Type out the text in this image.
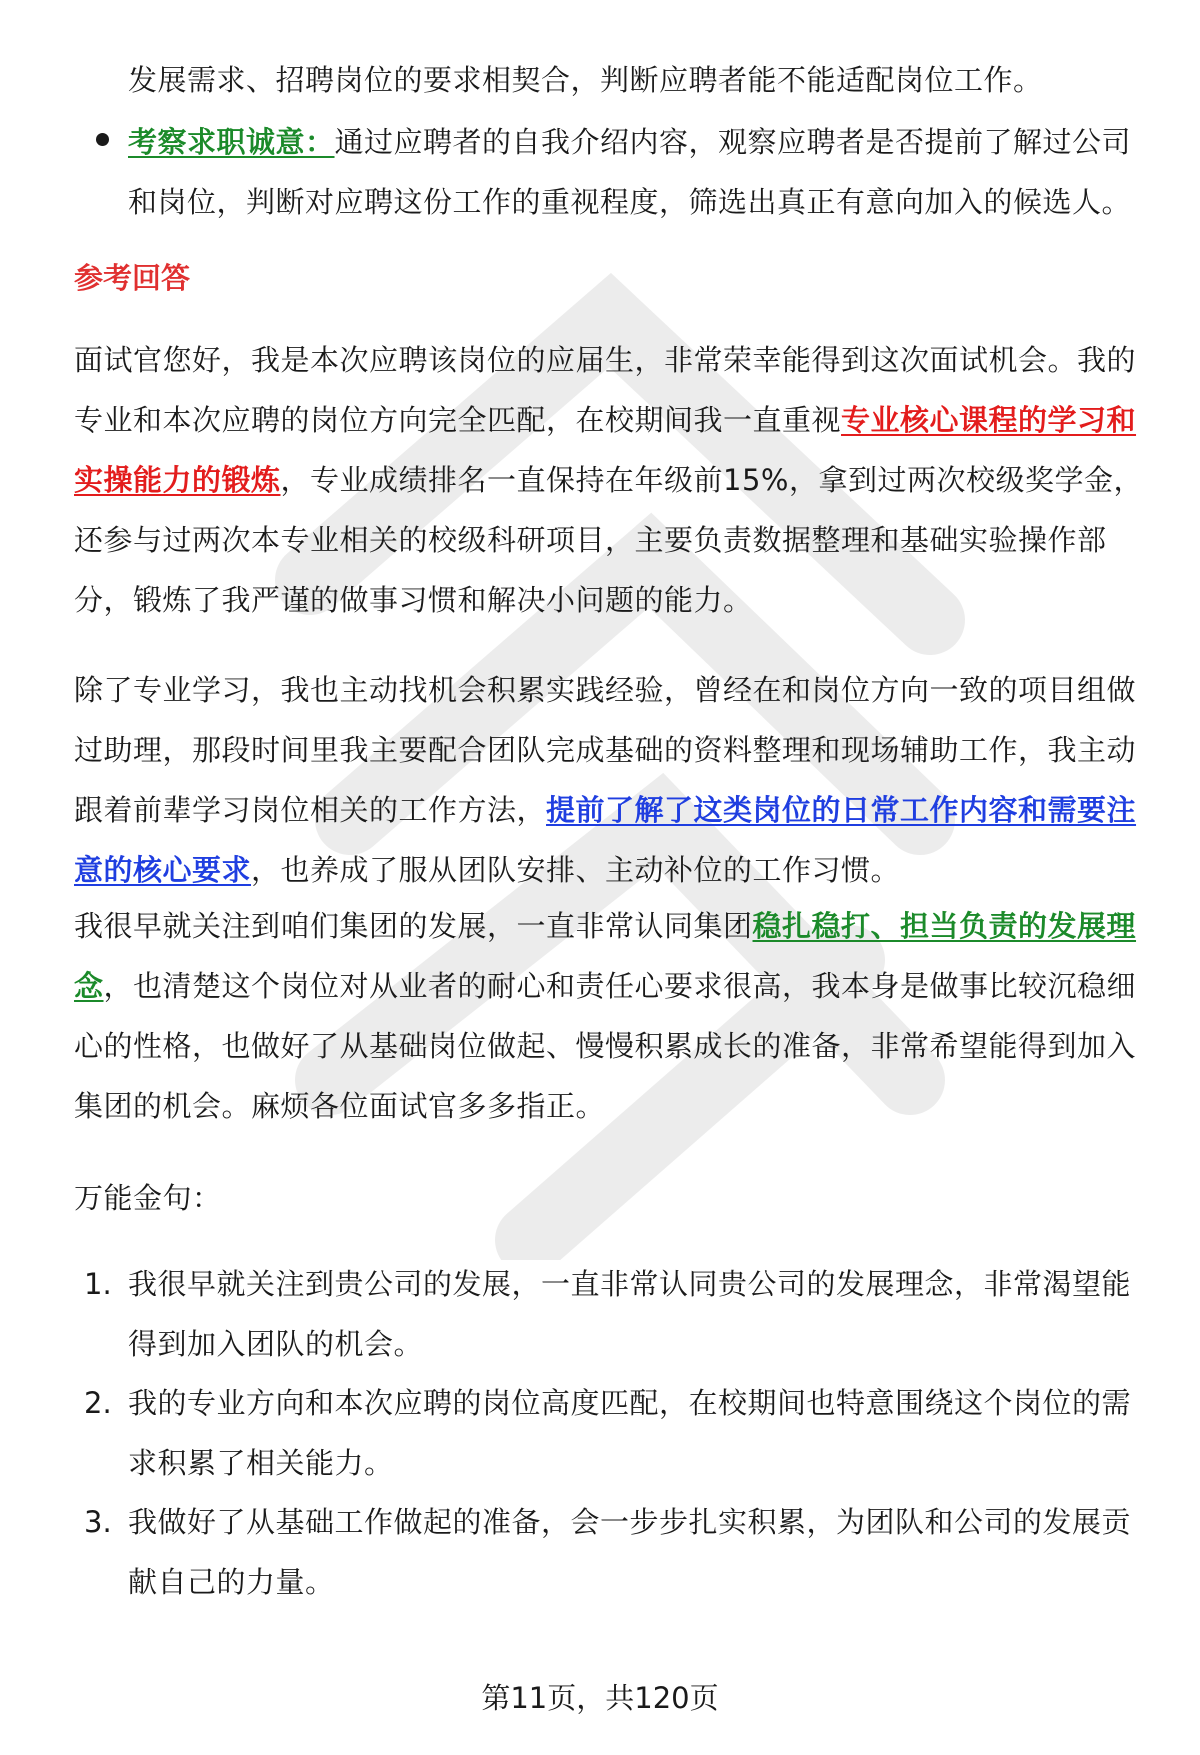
发展需求、招聘岗位的要求相契合，判断应聘者能不能适配岗位工作。

考察求职诚意：通过应聘者的自我介绍内容，观察应聘者是否提前了解过公司和岗位，判断对应聘这份工作的重视程度，筛选出真正有意向加入的候选人。

参考回答

面试官您好，我是本次应聘该岗位的应届生，非常荣幸能得到这次面试机会。我的专业和本次应聘的岗位方向完全匹配，在校期间我一直重视专业核心课程的学习和实操能力的锻炼，专业成绩排名一直保持在年级前15%，拿到过两次校级奖学金，还参与过两次本专业相关的校级科研项目，主要负责数据整理和基础实验操作部分，锻炼了我严谨的做事习惯和解决小问题的能力。

除了专业学习，我也主动找机会积累实践经验，曾经在和岗位方向一致的项目组做过助理，那段时间里我主要配合团队完成基础的资料整理和现场辅助工作，我主动跟着前辈学习岗位相关的工作方法，提前了解了这类岗位的日常工作内容和需要注意的核心要求，也养成了服从团队安排、主动补位的工作习惯。

我很早就关注到咱们集团的发展，一直非常认同集团稳扎稳打、担当负责的发展理念，也清楚这个岗位对从业者的耐心和责任心要求很高，我本身是做事比较沉稳细心的性格，也做好了从基础岗位做起、慢慢积累成长的准备，非常希望能得到加入集团的机会。麻烦各位面试官多多指正。

万能金句：

1. 我很早就关注到贵公司的发展，一直非常认同贵公司的发展理念，非常渴望能得到加入团队的机会。

2. 我的专业方向和本次应聘的岗位高度匹配，在校期间也特意围绕这个岗位的需求积累了相关能力。

3. 我做好了从基础工作做起的准备，会一步步扎实积累，为团队和公司的发展贡献自己的力量。

第11页，共120页
